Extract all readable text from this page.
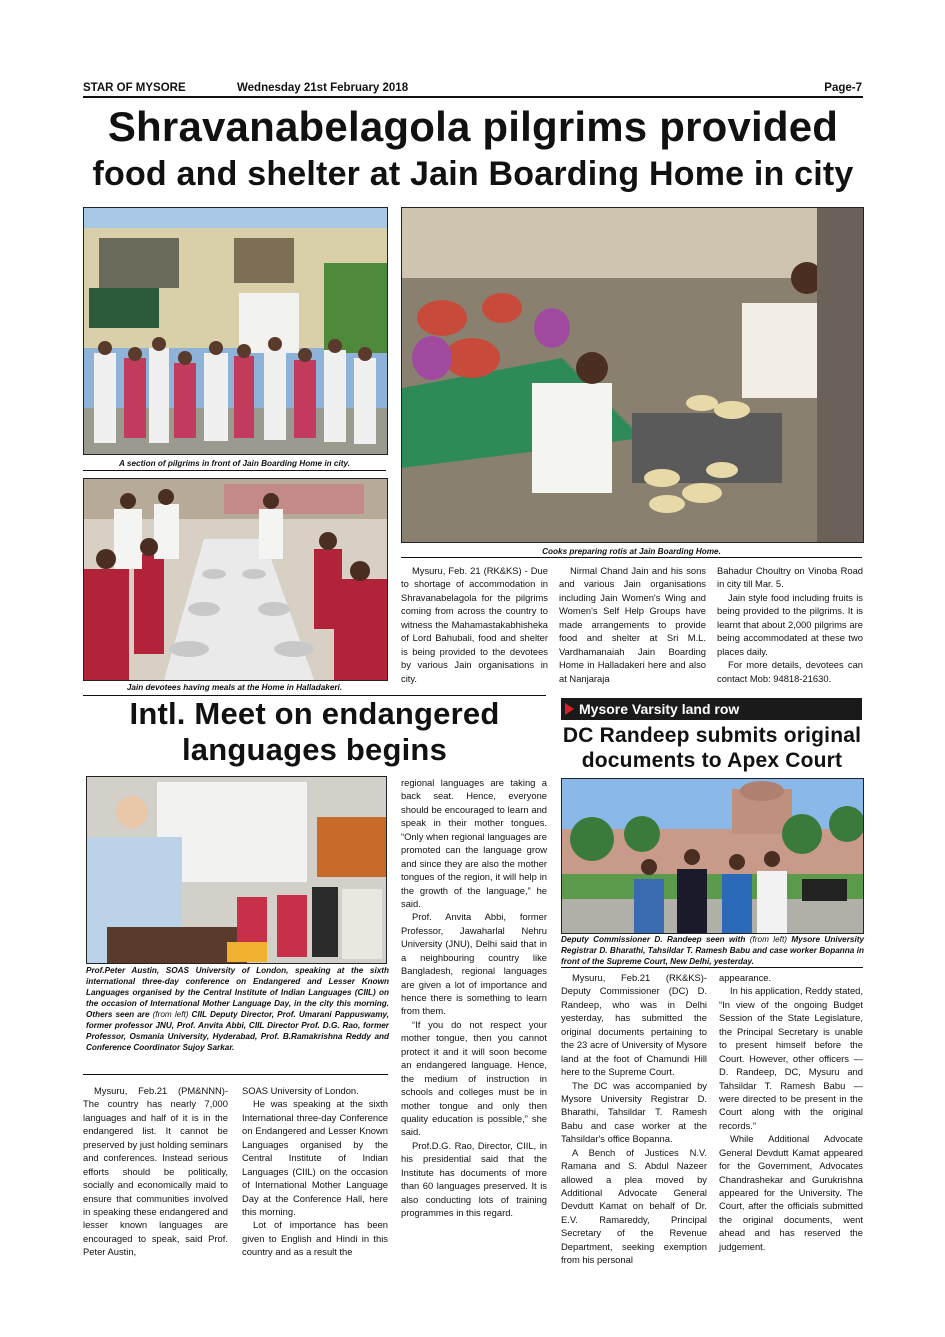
STAR OF MYSORE	Wednesday 21st February 2018	Page-7
Shravanabelagola pilgrims provided
food and shelter at Jain Boarding Home in city
A section of pilgrims in front of Jain Boarding Home in city.
Jain devotees having meals at the Home in Halladakeri.
Cooks preparing rotis at Jain Boarding Home.

Mysuru, Feb. 21 (RK&KS) - Due to shortage of accommodation in Shravanabelagola for the pilgrims coming from across the country to witness the Mahamastakabhisheka of Lord Bahubali, food and shelter is being provided to the devotees by various Jain organisations in city.

Nirmal Chand Jain and his sons and various Jain organisations including Jain Women's Wing and Women's Self Help Groups have made arrangements to provide food and shelter at Sri M.L. Vardhamanaiah Jain Boarding Home in Halladakeri here and also at Nanjaraja

Bahadur Choultry on Vinoba Road in city till Mar. 5.

Jain style food including fruits is being provided to the pilgrims. It is learnt that about 2,000 pilgrims are being accommodated at these two places daily.

For more details, devotees can contact Mob: 94818-21630.

Intl. Meet on endangered
languages begins
Prof.Peter Austin, SOAS University of London, speaking at the sixth international three-day conference on Endangered and Lesser Known Languages organised by the Central Institute of Indian Languages (CIIL) on the occasion of International Mother Language Day, in the city this morning. Others seen are (from left) CIIL Deputy Director, Prof. Umarani Pappuswamy, former professor JNU, Prof. Anvita Abbi, CIIL Director Prof. D.G. Rao, former Professor, Osmania University, Hyderabad, Prof. B.Ramakrishna Reddy and Conference Coordinator Sujoy Sarkar.

Mysuru, Feb.21 (PM&NNN)- The country has nearly 7,000 languages and half of it is in the endangered list. It cannot be preserved by just holding seminars and conferences. Instead serious efforts should be politically, socially and economically maid to ensure that communities involved in speaking these endangered and lesser known languages are encouraged to speak, said Prof. Peter Austin,

SOAS University of London.

He was speaking at the sixth International three-day Conference on Endangered and Lesser Known Languages organised by the Central Institute of Indian Languages (CIIL) on the occasion of International Mother Language Day at the Conference Hall, here this morning.

Lot of importance has been given to English and Hindi in this country and as a result the

regional languages are taking a back seat. Hence, everyone should be encouraged to learn and speak in their mother tongues. “Only when regional languages are promoted can the language grow and since they are also the mother tongues of the region, it will help in the growth of the language,” he said.

Prof. Anvita Abbi, former Professor, Jawaharlal Nehru University (JNU), Delhi said that in a neighbouring country like Bangladesh, regional languages are given a lot of importance and hence there is something to learn from them.

“If you do not respect your mother tongue, then you cannot protect it and it will soon become an endangered language. Hence, the medium of instruction in schools and colleges must be in mother tongue and only then quality education is possible,” she said.

Prof.D.G. Rao, Director, CIIL, in his presidential said that the Institute has documents of more than 60 languages preserved. It is also conducting lots of training programmes in this regard.

Mysore Varsity land row
DC Randeep submits original
documents to Apex Court
Deputy Commissioner D. Randeep seen with (from left) Mysore University Registrar D. Bharathi, Tahsildar T. Ramesh Babu and case worker Bopanna in front of the Supreme Court, New Delhi, yesterday.

Mysuru, Feb.21 (RK&KS)- Deputy Commissioner (DC) D. Randeep, who was in Delhi yesterday, has submitted the original documents pertaining to the 23 acre of University of Mysore land at the foot of Chamundi Hill here to the Supreme Court.

The DC was accompanied by Mysore University Registrar D. Bharathi, Tahsildar T. Ramesh Babu and case worker at the Tahsildar's office Bopanna.

A Bench of Justices N.V. Ramana and S. Abdul Nazeer allowed a plea moved by Additional Advocate General Devdutt Kamat on behalf of Dr. E.V. Ramareddy, Principal Secretary of the Revenue Department, seeking exemption from his personal

appearance.

In his application, Reddy stated, “In view of the ongoing Budget Session of the State Legislature, the Principal Secretary is unable to present himself before the Court. However, other officers — D. Randeep, DC, Mysuru and Tahsildar T. Ramesh Babu — were directed to be present in the Court along with the original records.”

While Additional Advocate General Devdutt Kamat appeared for the Government, Advocates Chandrashekar and Gurukrishna appeared for the University. The Court, after the officials submitted the original documents, went ahead and has reserved the judgement.
